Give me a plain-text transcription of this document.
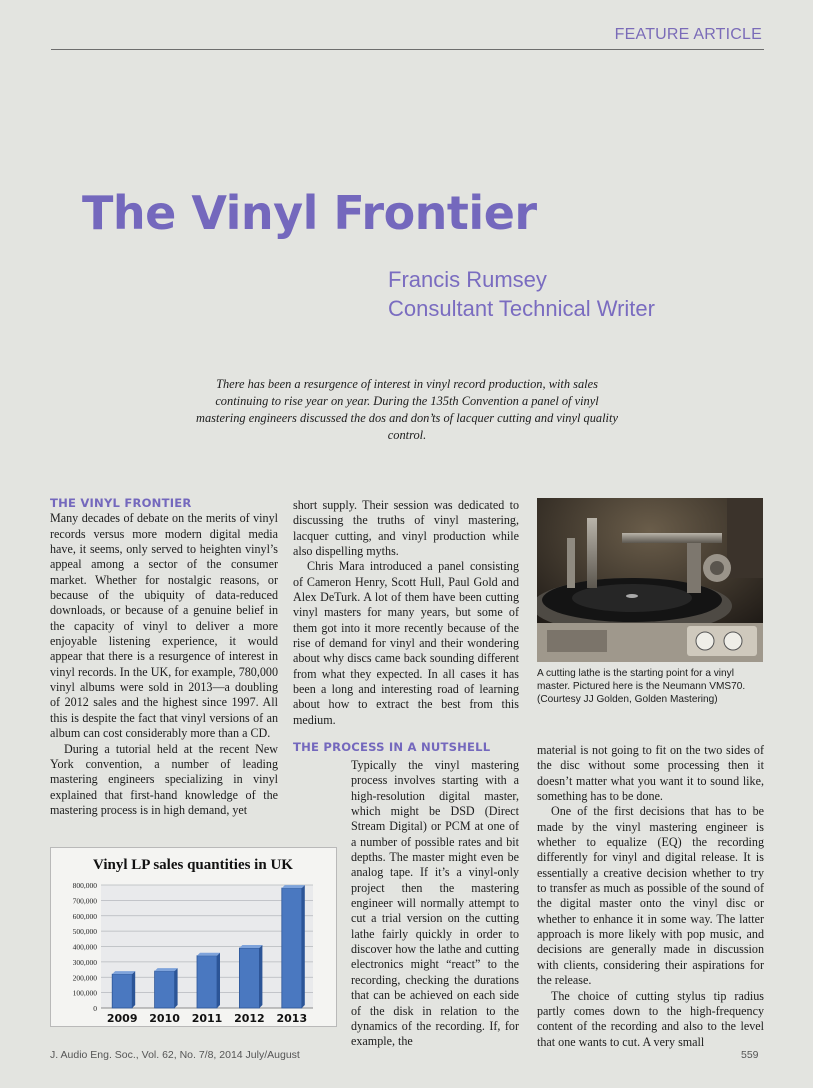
FEATURE ARTICLE
The Vinyl Frontier
Francis Rumsey
Consultant Technical Writer
There has been a resurgence of interest in vinyl record production, with sales continuing to rise year on year. During the 135th Convention a panel of vinyl mastering engineers discussed the dos and don’ts of lacquer cutting and vinyl quality control.
THE VINYL FRONTIER

Many decades of debate on the merits of vinyl records versus more modern digital media have, it seems, only served to heighten vinyl’s appeal among a sector of the consumer market. Whether for nostalgic reasons, or because of the ubiquity of data-reduced downloads, or because of a genuine belief in the capacity of vinyl to deliver a more enjoyable listening experience, it would appear that there is a resurgence of interest in vinyl records. In the UK, for example, 780,000 vinyl albums were sold in 2013—a doubling of 2012 sales and the highest since 1997. All this is despite the fact that vinyl versions of an album can cost considerably more than a CD.

During a tutorial held at the recent New York convention, a number of leading mastering engineers specializing in vinyl explained that first-hand knowledge of the mastering process is in high demand, yet

short supply. Their session was dedicated to discussing the truths of vinyl mastering, lacquer cutting, and vinyl production while also dispelling myths.

Chris Mara introduced a panel consisting of Cameron Henry, Scott Hull, Paul Gold and Alex DeTurk. A lot of them have been cutting vinyl masters for many years, but some of them got into it more recently because of the rise of demand for vinyl and their wondering about why discs came back sounding different from what they expected. In all cases it has been a long and interesting road of learning about how to extract the best from this medium.

THE PROCESS IN A NUTSHELL

Typically the vinyl mastering process involves starting with a high-resolution digital master, which might be DSD (Direct Stream Digital) or PCM at one of a number of possible rates and bit depths. The master might even be analog tape. If it’s a vinyl-only project then the mastering engineer will normally attempt to cut a trial version on the cutting lathe fairly quickly in order to discover how the lathe and cutting electronics might “react” to the recording, checking the durations that can be achieved on each side of the disk in relation to the dynamics of the recording. If, for example, the

A cutting lathe is the starting point for a vinyl master. Pictured here is the Neumann VMS70. (Courtesy JJ Golden, Golden Mastering)

material is not going to fit on the two sides of the disc without some processing then it doesn’t matter what you want it to sound like, something has to be done.

One of the first decisions that has to be made by the vinyl mastering engineer is whether to equalize (EQ) the recording differently for vinyl and digital release. It is essentially a creative decision whether to try to transfer as much as possible of the sound of the digital master onto the vinyl disc or whether to enhance it in some way. The latter approach is more likely with pop music, and decisions are generally made in discussion with clients, considering their aspirations for the release.

The choice of cutting stylus tip radius partly comes down to the high-frequency content of the recording and also to the level that one wants to cut. A very small

Vinyl LP sales quantities in UK
0
100,000
200,000
300,000
400,000
500,000
600,000
700,000
800,000
2009 2010 2011 2012 2013
J. Audio Eng. Soc., Vol. 62, No. 7/8, 2014 July/August	559
